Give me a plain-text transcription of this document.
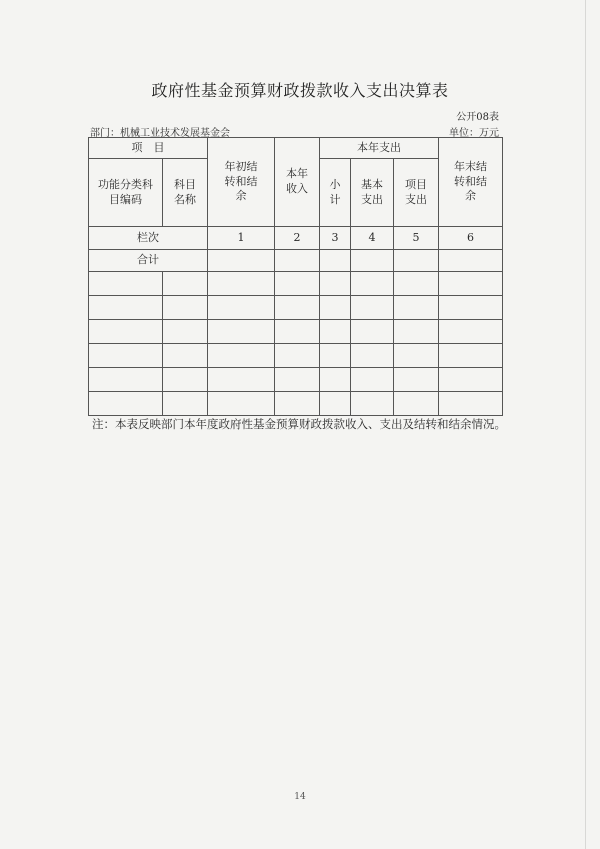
政府性基金预算财政拨款收入支出决算表
公开08表
部门：机械工业技术发展基金会	单位：万元
项　目		年初结转和结余	本年收入	本年支出			年末结转和结余

功能分类科目编码	科目名称			小计	基本支出	项目支出	

栏次		1	2	3	4	5	6
合计							

注：本表反映部门本年度政府性基金预算财政拨款收入、支出及结转和结余情况。
14
